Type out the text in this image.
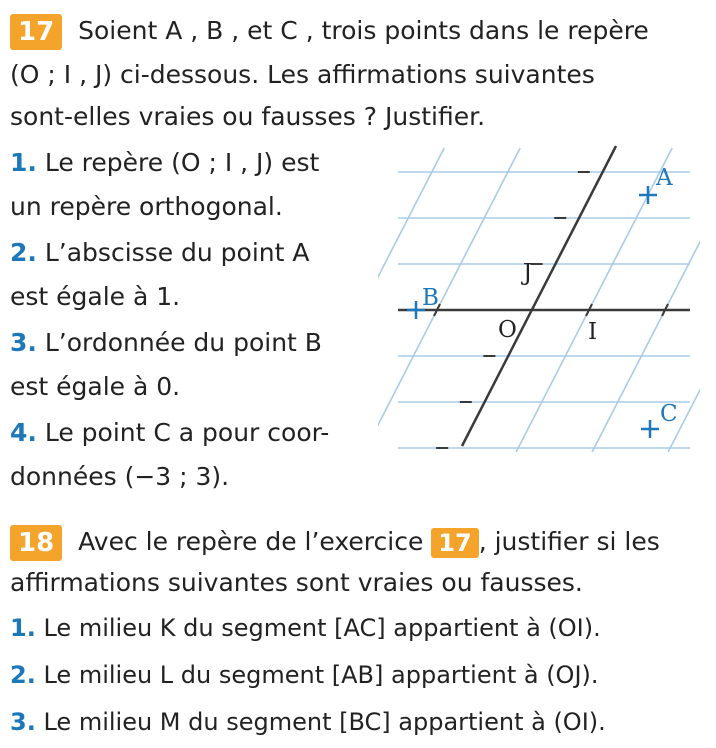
17 Soient A , B , et C , trois points dans le repère
(O ; I , J) ci-dessous. Les affirmations suivantes
sont-elles vraies ou fausses ? Justifier.
1. Le repère (O ; I , J) est
un repère orthogonal.
2. L’abscisse du point A
est égale à 1.
3. L’ordonnée du point B
est égale à 0.
4. Le point C a pour coor-
données (−3 ; 3).
A
B
C
O	I
J
18 Avec le repère de l’exercice 17 , justifier si les
affirmations suivantes sont vraies ou fausses.
1. Le milieu K du segment [AC] appartient à (OI).
2. Le milieu L du segment [AB] appartient à (OJ).
3. Le milieu M du segment [BC] appartient à (OI).
